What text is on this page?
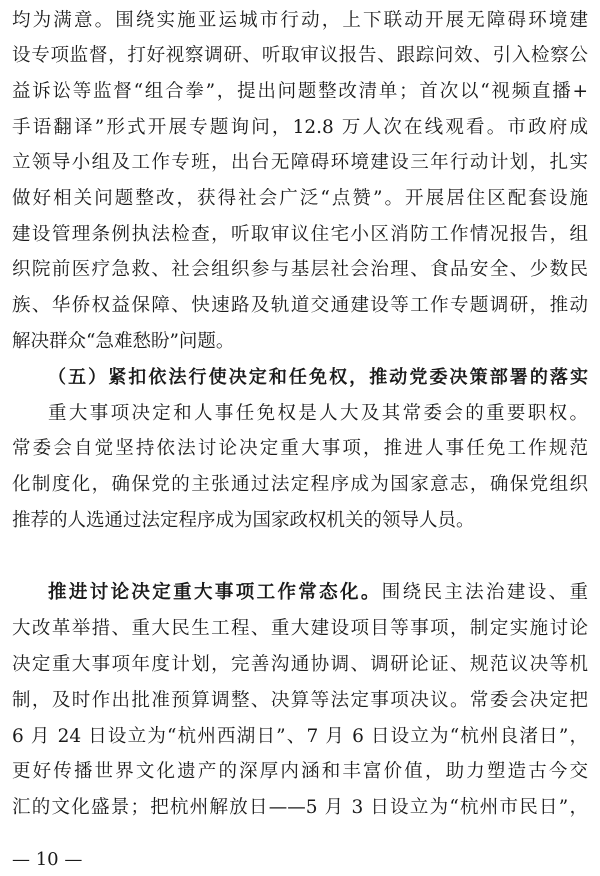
均为满意。围绕实施亚运城市行动，上下联动开展无障碍环境建
设专项监督，打好视察调研、听取审议报告、跟踪问效、引入检察公
益诉讼等监督“组合拳”，提出问题整改清单；首次以“视频直播+
手语翻译”形式开展专题询问，12.8 万人次在线观看。市政府成
立领导小组及工作专班，出台无障碍环境建设三年行动计划，扎实
做好相关问题整改，获得社会广泛“点赞”。开展居住区配套设施
建设管理条例执法检查，听取审议住宅小区消防工作情况报告，组
织院前医疗急救、社会组织参与基层社会治理、食品安全、少数民
族、华侨权益保障、快速路及轨道交通建设等工作专题调研，推动
解决群众“急难愁盼”问题。
（五）紧扣依法行使决定和任免权，推动党委决策部署的落实
重大事项决定和人事任免权是人大及其常委会的重要职权。
常委会自觉坚持依法讨论决定重大事项，推进人事任免工作规范
化制度化，确保党的主张通过法定程序成为国家意志，确保党组织
推荐的人选通过法定程序成为国家政权机关的领导人员。
推进讨论决定重大事项工作常态化。围绕民主法治建设、重
大改革举措、重大民生工程、重大建设项目等事项，制定实施讨论
决定重大事项年度计划，完善沟通协调、调研论证、规范议决等机
制，及时作出批准预算调整、决算等法定事项决议。常委会决定把
6 月 24 日设立为“杭州西湖日”、7 月 6 日设立为“杭州良渚日”，
更好传播世界文化遗产的深厚内涵和丰富价值，助力塑造古今交
汇的文化盛景；把杭州解放日——5 月 3 日设立为“杭州市民日”，
— 10 —
